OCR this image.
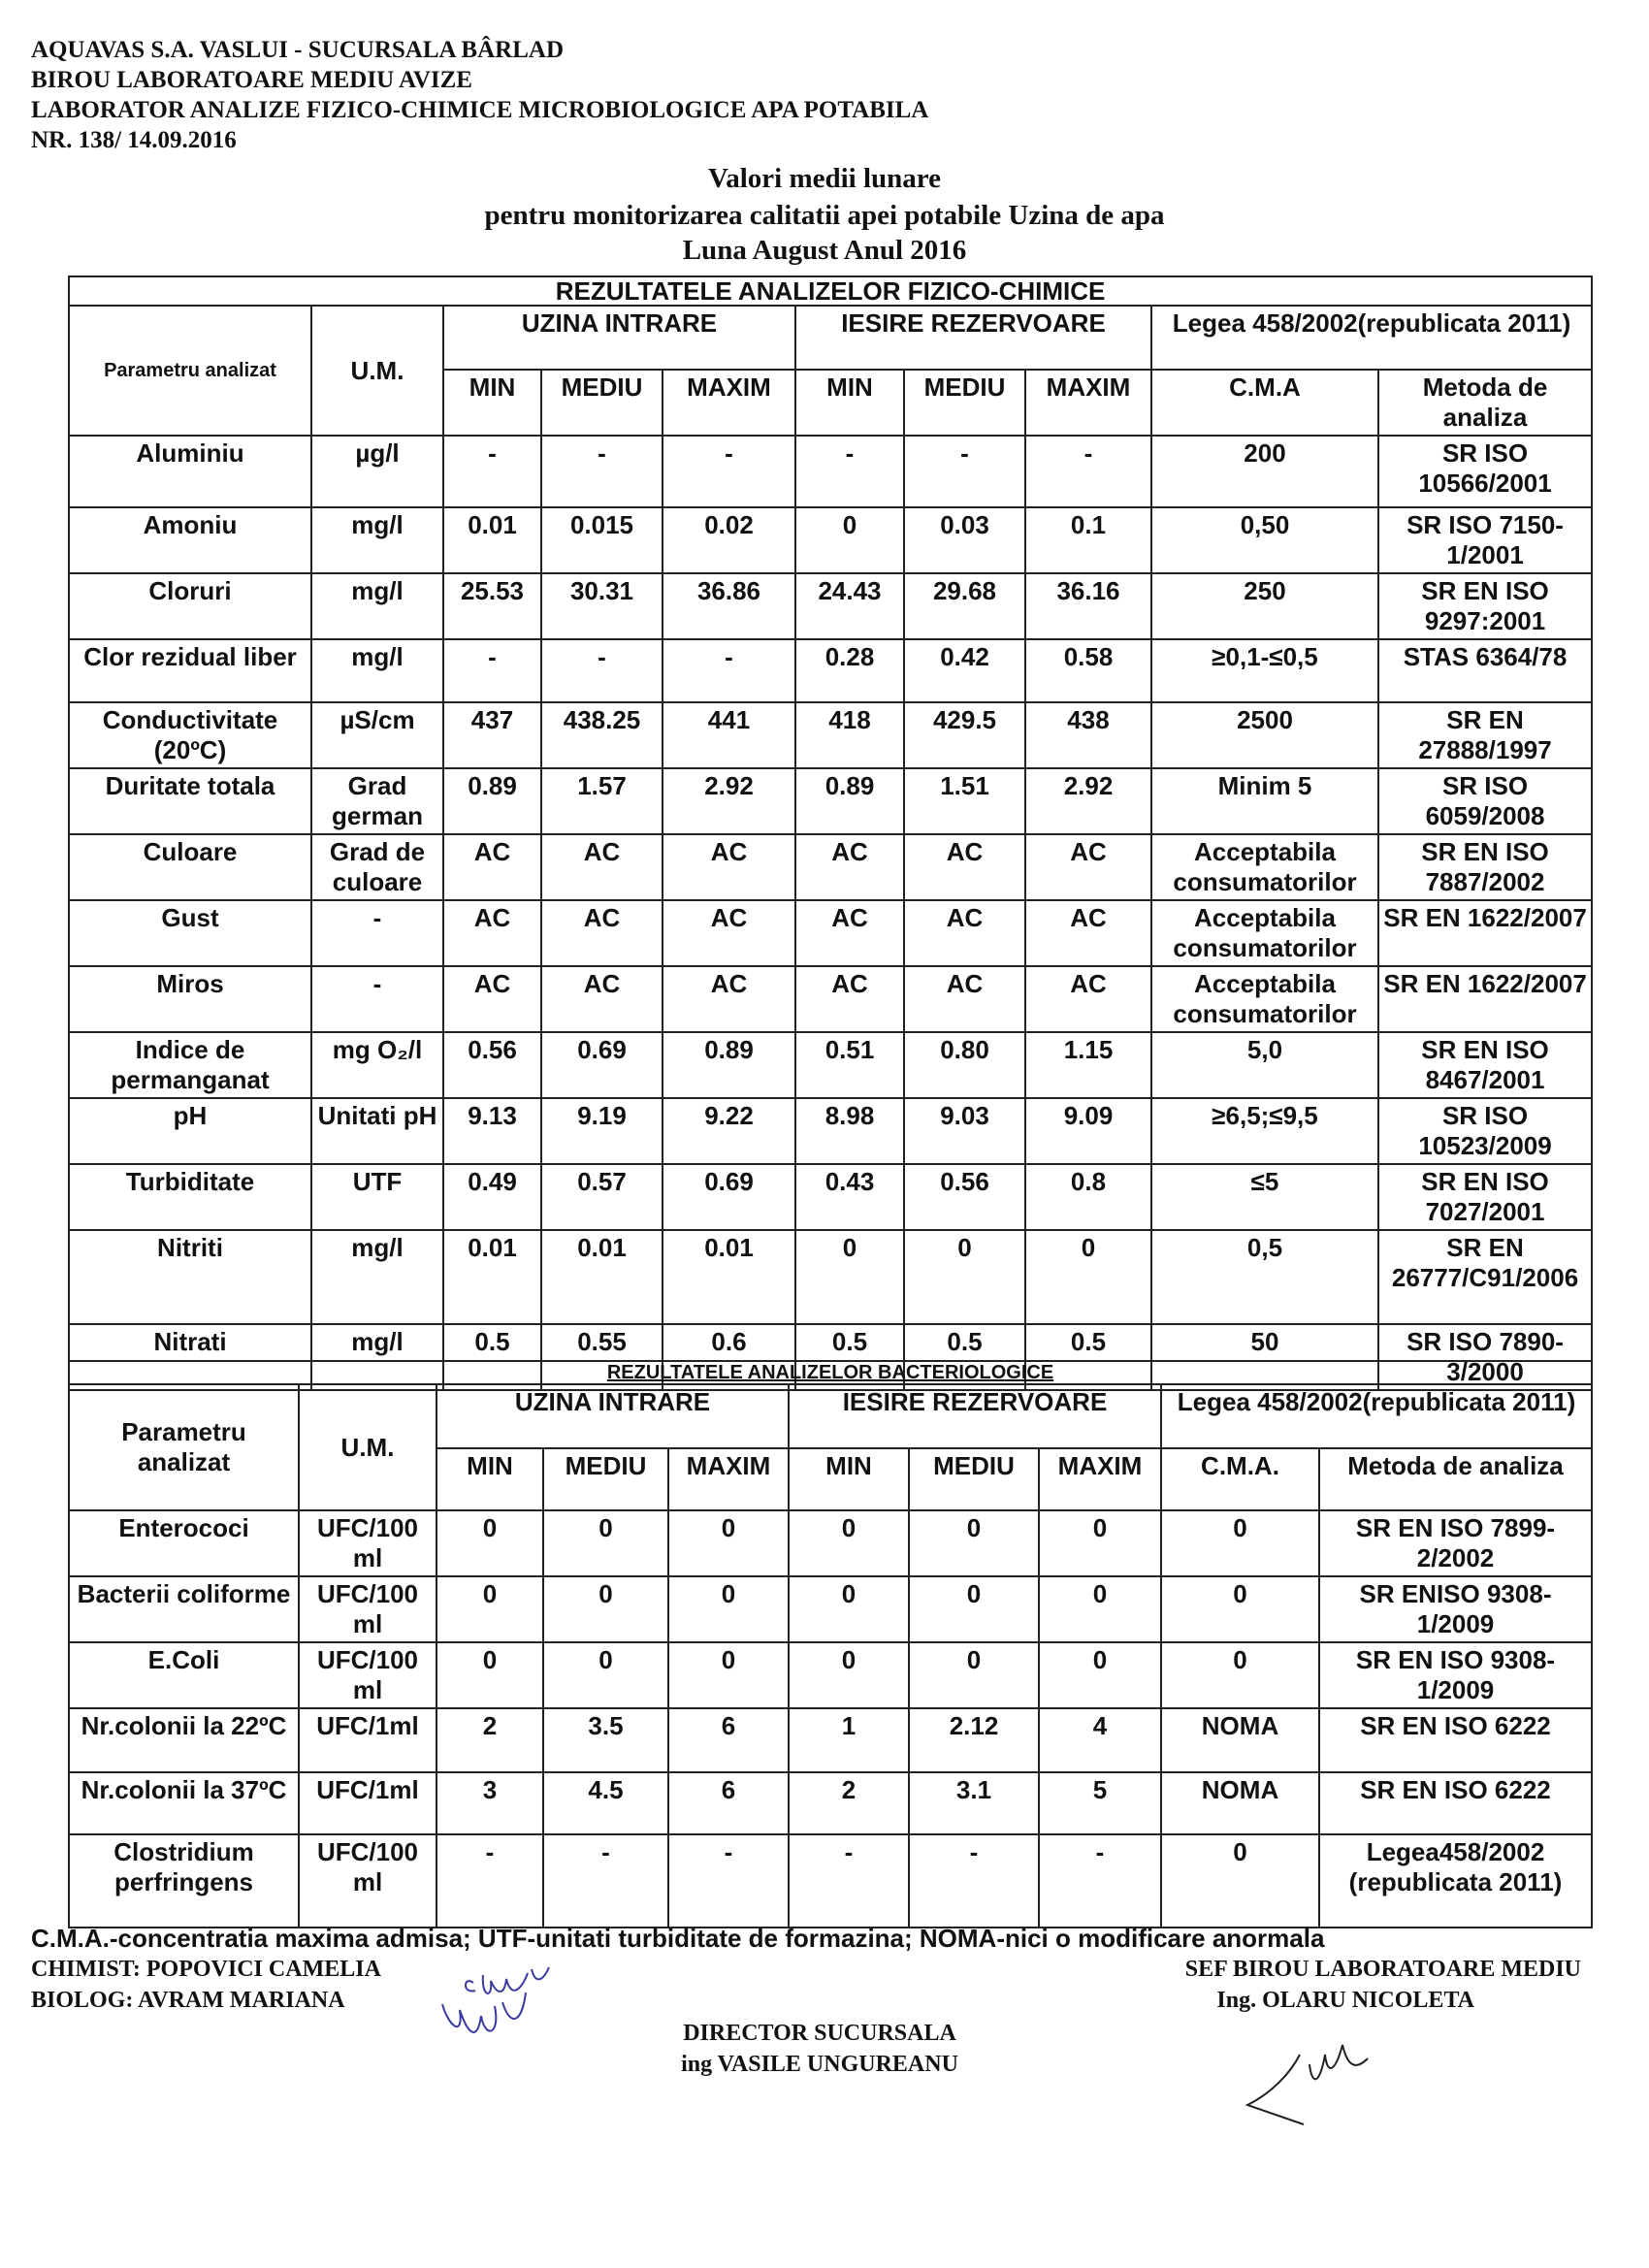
AQUAVAS S.A. VASLUI - SUCURSALA BÂRLAD
BIROU LABORATOARE MEDIU AVIZE
LABORATOR ANALIZE FIZICO-CHIMICE MICROBIOLOGICE APA POTABILA
NR. 138/ 14.09.2016
Valori medii lunare
pentru monitorizarea calitatii apei potabile Uzina de apa
Luna August Anul 2016
REZULTATELE ANALIZELOR FIZICO-CHIMICE									
Parametru analizat	U.M.	UZINA INTRARE			IESIRE REZERVOARE			Legea 458/2002(republicata 2011)	
		MIN	MEDIU	MAXIM	MIN	MEDIU	MAXIM	C.M.A	Metoda de analiza
Aluminiu	µg/l	-	-	-	-	-	-	200	SR ISO 10566/2001
Amoniu	mg/l	0.01	0.015	0.02	0	0.03	0.1	0,50	SR ISO 7150-1/2001
Cloruri	mg/l	25.53	30.31	36.86	24.43	29.68	36.16	250	SR EN ISO 9297:2001
Clor rezidual liber	mg/l	-	-	-	0.28	0.42	0.58	≥0,1-≤0,5	STAS 6364/78
Conductivitate (20ºC)	µS/cm	437	438.25	441	418	429.5	438	2500	SR EN 27888/1997
Duritate totala	Grad german	0.89	1.57	2.92	0.89	1.51	2.92	Minim 5	SR ISO 6059/2008
Culoare	Grad de culoare	AC	AC	AC	AC	AC	AC	Acceptabila consumatorilor	SR EN ISO 7887/2002
Gust	-	AC	AC	AC	AC	AC	AC	Acceptabila consumatorilor	SR EN 1622/2007
Miros	-	AC	AC	AC	AC	AC	AC	Acceptabila consumatorilor	SR EN 1622/2007
Indice de permanganat	mg O₂/l	0.56	0.69	0.89	0.51	0.80	1.15	5,0	SR EN ISO 8467/2001
pH	Unitati pH	9.13	9.19	9.22	8.98	9.03	9.09	≥6,5;≤9,5	SR ISO 10523/2009
Turbiditate	UTF	0.49	0.57	0.69	0.43	0.56	0.8	≤5	SR EN ISO 7027/2001
Nitriti	mg/l	0.01	0.01	0.01	0	0	0	0,5	SR EN 26777/C91/2006
Nitrati	mg/l	0.5	0.55	0.6	0.5	0.5	0.5	50	SR ISO 7890-3/2000
REZULTATELE ANALIZELOR BACTERIOLOGICE									
Parametru analizat	U.M.	UZINA INTRARE			IESIRE REZERVOARE			Legea 458/2002(republicata 2011)	
		MIN	MEDIU	MAXIM	MIN	MEDIU	MAXIM	C.M.A.	Metoda de analiza
Enterococi	UFC/100 ml	0	0	0	0	0	0	0	SR EN ISO 7899-2/2002
Bacterii coliforme	UFC/100 ml	0	0	0	0	0	0	0	SR ENISO 9308-1/2009
E.Coli	UFC/100 ml	0	0	0	0	0	0	0	SR EN ISO 9308-1/2009
Nr.colonii la 22ºC	UFC/1ml	2	3.5	6	1	2.12	4	NOMA	SR EN ISO 6222
Nr.colonii la 37ºC	UFC/1ml	3	4.5	6	2	3.1	5	NOMA	SR EN ISO 6222
Clostridium perfringens	UFC/100 ml	-	-	-	-	-	-	0	Legea458/2002 (republicata 2011)
C.M.A.-concentratia maxima admisa; UTF-unitati turbiditate de formazina; NOMA-nici o modificare anormala
CHIMIST: POPOVICI CAMELIA
BIOLOG: AVRAM MARIANA
SEF BIROU LABORATOARE MEDIU
Ing. OLARU NICOLETA
DIRECTOR SUCURSALA
ing VASILE UNGUREANU
